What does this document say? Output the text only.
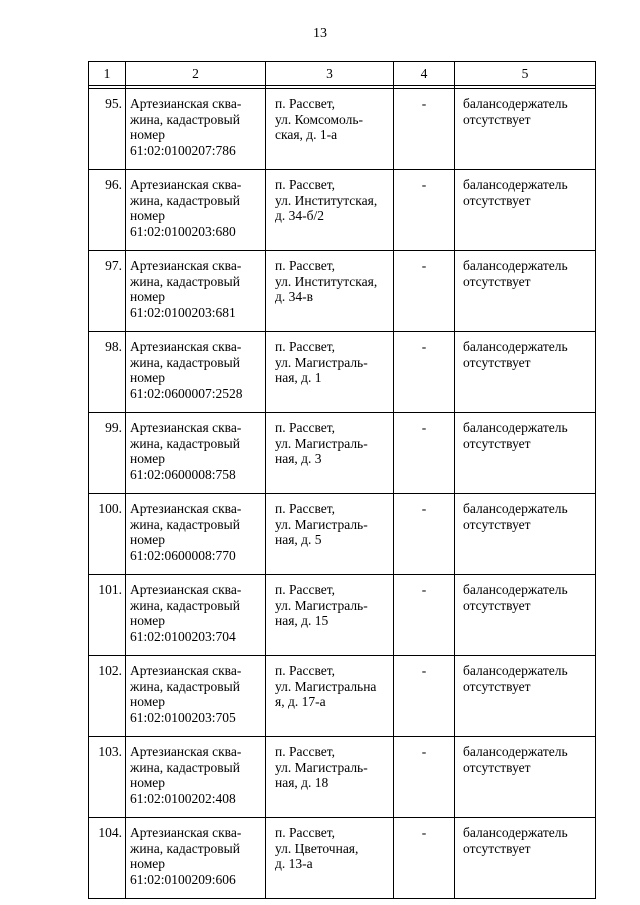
13
1	2	3	4	5

95.	Артезианская сква-
жина, кадастровый
номер
61:02:0100207:786	п. Рассвет,
ул. Комсомоль-
ская, д. 1-а	-	балансодержатель
отсутствует

96.	Артезианская сква-
жина, кадастровый
номер
61:02:0100203:680	п. Рассвет,
ул. Институтская,
д. 34-б/2	-	балансодержатель
отсутствует

97.	Артезианская сква-
жина, кадастровый
номер
61:02:0100203:681	п. Рассвет,
ул. Институтская,
д. 34-в	-	балансодержатель
отсутствует

98.	Артезианская сква-
жина, кадастровый
номер
61:02:0600007:2528	п. Рассвет,
ул. Магистраль-
ная, д. 1	-	балансодержатель
отсутствует

99.	Артезианская сква-
жина, кадастровый
номер
61:02:0600008:758	п. Рассвет,
ул. Магистраль-
ная, д. 3	-	балансодержатель
отсутствует

100.	Артезианская сква-
жина, кадастровый
номер
61:02:0600008:770	п. Рассвет,
ул. Магистраль-
ная, д. 5	-	балансодержатель
отсутствует

101.	Артезианская сква-
жина, кадастровый
номер
61:02:0100203:704	п. Рассвет,
ул. Магистраль-
ная, д. 15	-	балансодержатель
отсутствует

102.	Артезианская сква-
жина, кадастровый
номер
61:02:0100203:705	п. Рассвет,
ул. Магистральна
я, д. 17-а	-	балансодержатель
отсутствует

103.	Артезианская сква-
жина, кадастровый
номер
61:02:0100202:408	п. Рассвет,
ул. Магистраль-
ная, д. 18	-	балансодержатель
отсутствует

104.	Артезианская сква-
жина, кадастровый
номер
61:02:0100209:606	п. Рассвет,
ул. Цветочная,
д. 13-а	-	балансодержатель
отсутствует
